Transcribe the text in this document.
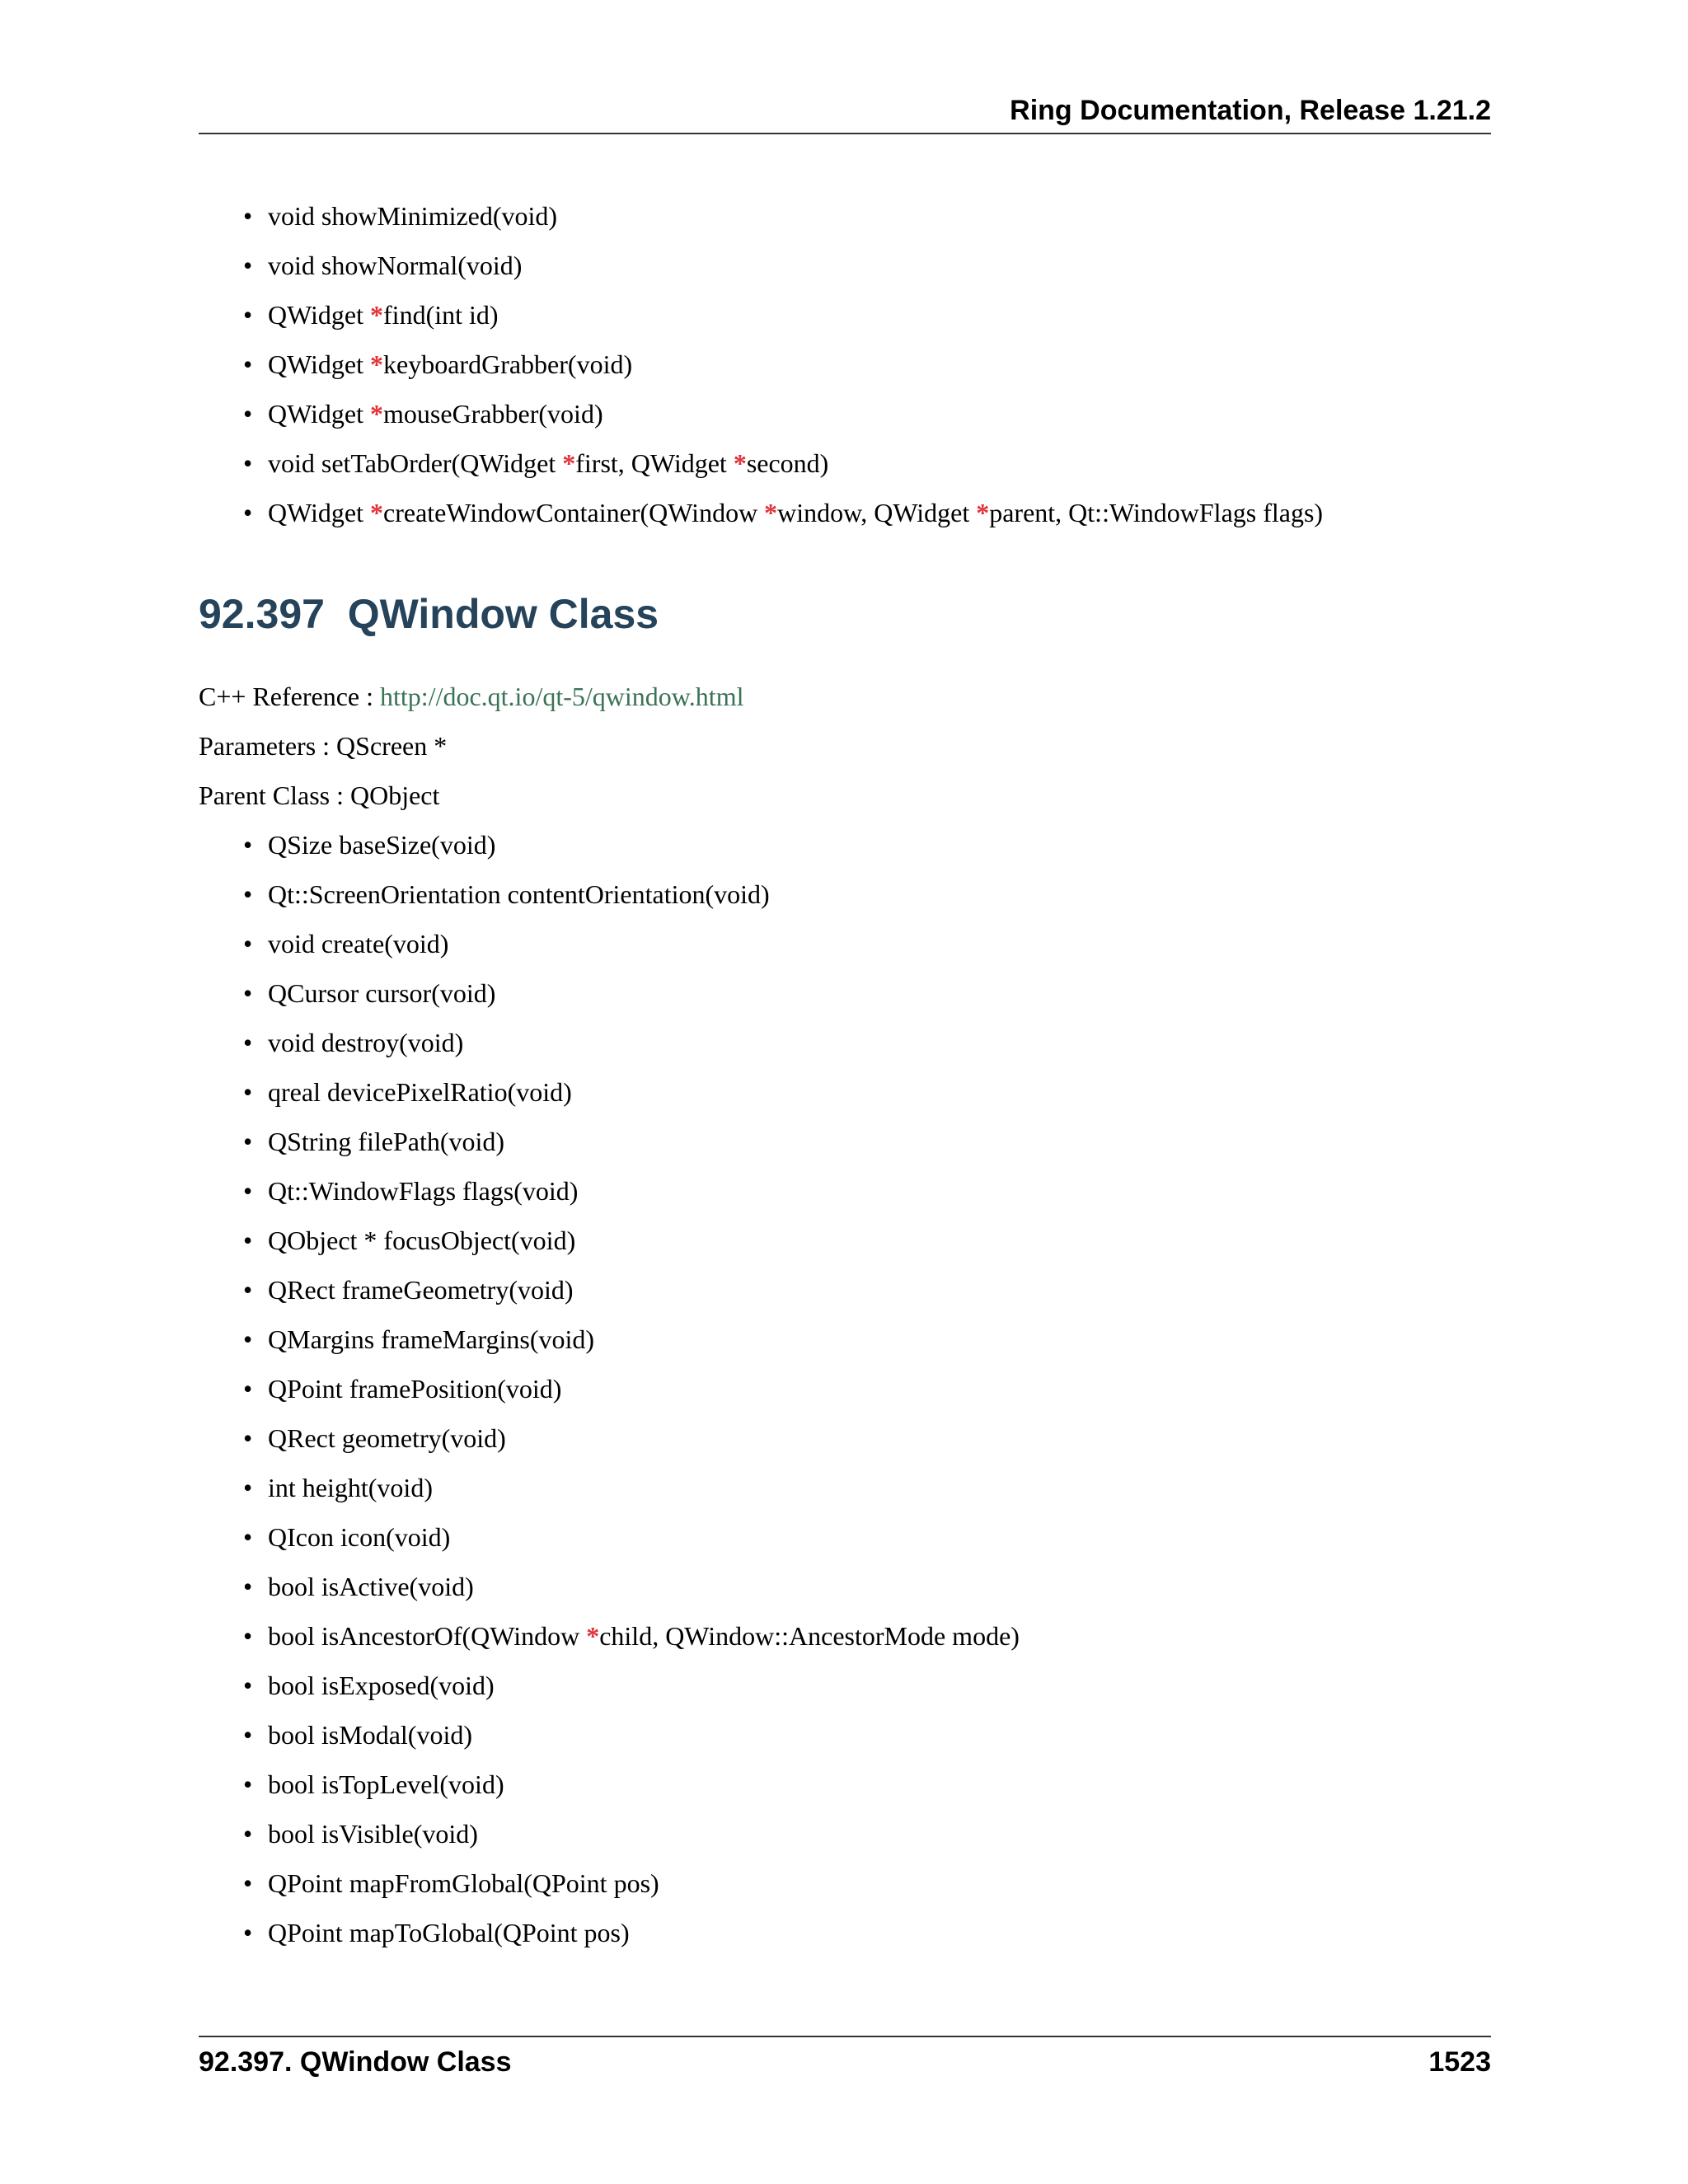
Ring Documentation, Release 1.21.2
• void showMinimized(void)
• void showNormal(void)
• QWidget *find(int id)
• QWidget *keyboardGrabber(void)
• QWidget *mouseGrabber(void)
• void setTabOrder(QWidget *first, QWidget *second)
• QWidget *createWindowContainer(QWindow *window, QWidget *parent, Qt::WindowFlags flags)
92.397 QWindow Class
C++ Reference : http://doc.qt.io/qt-5/qwindow.html
Parameters : QScreen *
Parent Class : QObject
• QSize baseSize(void)
• Qt::ScreenOrientation contentOrientation(void)
• void create(void)
• QCursor cursor(void)
• void destroy(void)
• qreal devicePixelRatio(void)
• QString filePath(void)
• Qt::WindowFlags flags(void)
• QObject * focusObject(void)
• QRect frameGeometry(void)
• QMargins frameMargins(void)
• QPoint framePosition(void)
• QRect geometry(void)
• int height(void)
• QIcon icon(void)
• bool isActive(void)
• bool isAncestorOf(QWindow *child, QWindow::AncestorMode mode)
• bool isExposed(void)
• bool isModal(void)
• bool isTopLevel(void)
• bool isVisible(void)
• QPoint mapFromGlobal(QPoint pos)
• QPoint mapToGlobal(QPoint pos)
92.397. QWindow Class	1523
